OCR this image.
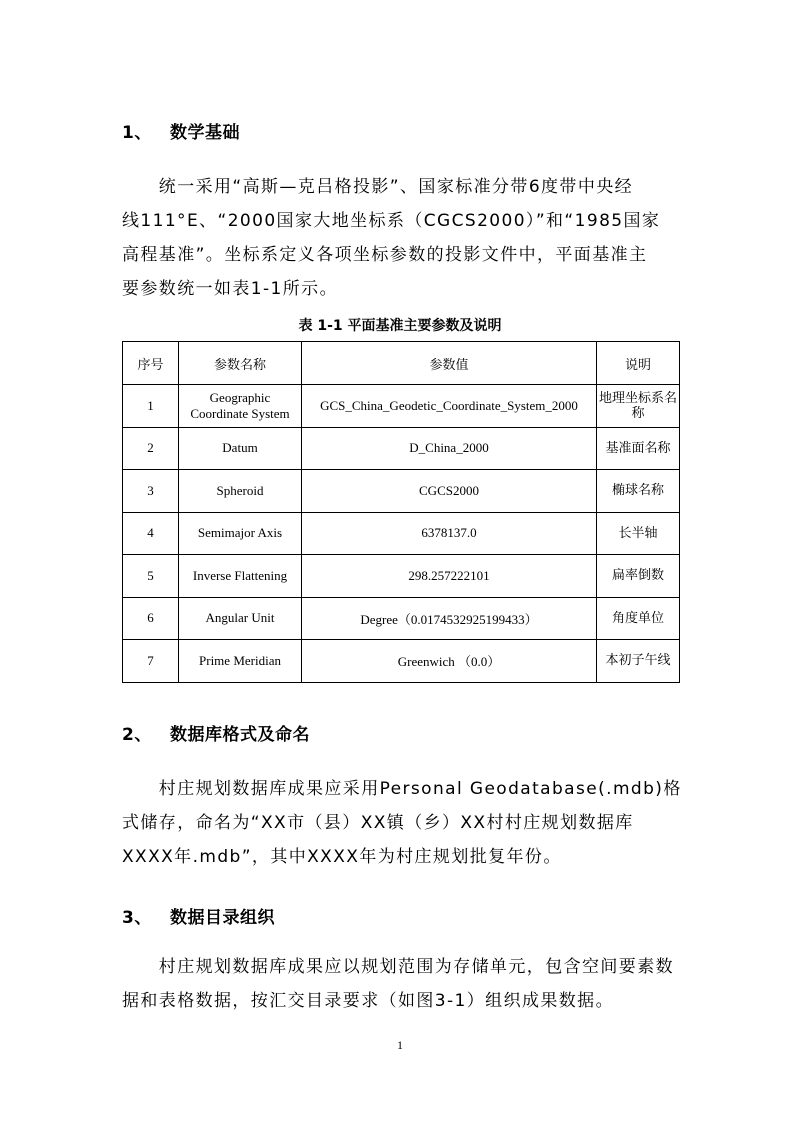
1、 数学基础

　　统一采用“高斯—克吕格投影”、国家标准分带6度带中央经

线111°E、“2000国家大地坐标系（CGCS2000）”和“1985国家

高程基准”。坐标系定义各项坐标参数的投影文件中，平面基准主

要参数统一如表1-1所示。

表 1-1 平面基准主要参数及说明
序号	参数名称	参数值	说明
1	Geographic Coordinate System	GCS_China_Geodetic_Coordinate_System_2000	地理坐标系名称
2	Datum	D_China_2000	基准面名称
3	Spheroid	CGCS2000	椭球名称
4	Semimajor Axis	6378137.0	长半轴
5	Inverse Flattening	298.257222101	扁率倒数
6	Angular Unit	Degree（0.0174532925199433）	角度单位
7	Prime Meridian	Greenwich （0.0）	本初子午线
2、 数据库格式及命名

　　村庄规划数据库成果应采用Personal Geodatabase(.mdb)格

式储存，命名为“XX市（县）XX镇（乡）XX村村庄规划数据库

XXXX年.mdb”，其中XXXX年为村庄规划批复年份。

3、 数据目录组织

　　村庄规划数据库成果应以规划范围为存储单元，包含空间要素数

据和表格数据，按汇交目录要求（如图3-1）组织成果数据。

1
